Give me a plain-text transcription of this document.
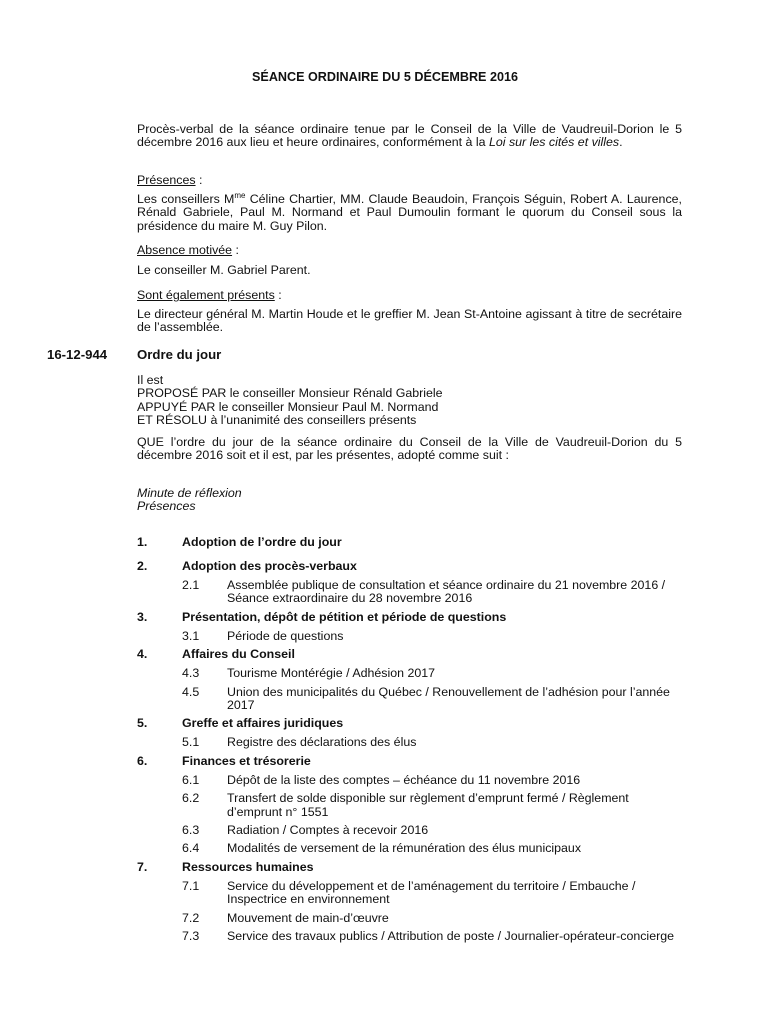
SÉANCE ORDINAIRE DU 5 DÉCEMBRE 2016
Procès-verbal de la séance ordinaire tenue par le Conseil de la Ville de Vaudreuil-Dorion le 5 décembre 2016 aux lieu et heure ordinaires, conformément à la Loi sur les cités et villes.
Présences :
Les conseillers $M^{me}$ Céline Chartier, MM. Claude Beaudoin, François Séguin, Robert A. Laurence, Rénald Gabriele, Paul M. Normand et Paul Dumoulin formant le quorum du Conseil sous la présidence du maire M. Guy Pilon.
Absence motivée :
Le conseiller M. Gabriel Parent.
Sont également présents :
Le directeur général M. Martin Houde et le greffier M. Jean St-Antoine agissant à titre de secrétaire de l’assemblée.
16-12-944 Ordre du jour
Il est
PROPOSÉ PAR le conseiller Monsieur Rénald Gabriele
APPUYÉ PAR le conseiller Monsieur Paul M. Normand
ET RÉSOLU à l’unanimité des conseillers présents
QUE l’ordre du jour de la séance ordinaire du Conseil de la Ville de Vaudreuil-Dorion du 5 décembre 2016 soit et il est, par les présentes, adopté comme suit :
Minute de réflexion
Présences
1.	Adoption de l’ordre du jour
2.	Adoption des procès-verbaux
2.1 Assemblée publique de consultation et séance ordinaire du 21 novembre 2016 / Séance extraordinaire du 28 novembre 2016
3.	Présentation, dépôt de pétition et période de questions
3.1 Période de questions
4.	Affaires du Conseil
4.3 Tourisme Montérégie / Adhésion 2017
4.5 Union des municipalités du Québec / Renouvellement de l’adhésion pour l’année 2017
5.	Greffe et affaires juridiques
5.1 Registre des déclarations des élus
6.	Finances et trésorerie
6.1 Dépôt de la liste des comptes – échéance du 11 novembre 2016
6.2 Transfert de solde disponible sur règlement d’emprunt fermé / Règlement d’emprunt n° 1551
6.3 Radiation / Comptes à recevoir 2016
6.4 Modalités de versement de la rémunération des élus municipaux
7.	Ressources humaines
7.1 Service du développement et de l’aménagement du territoire / Embauche / Inspectrice en environnement
7.2 Mouvement de main-d’œuvre
7.3 Service des travaux publics / Attribution de poste / Journalier-opérateur-concierge
